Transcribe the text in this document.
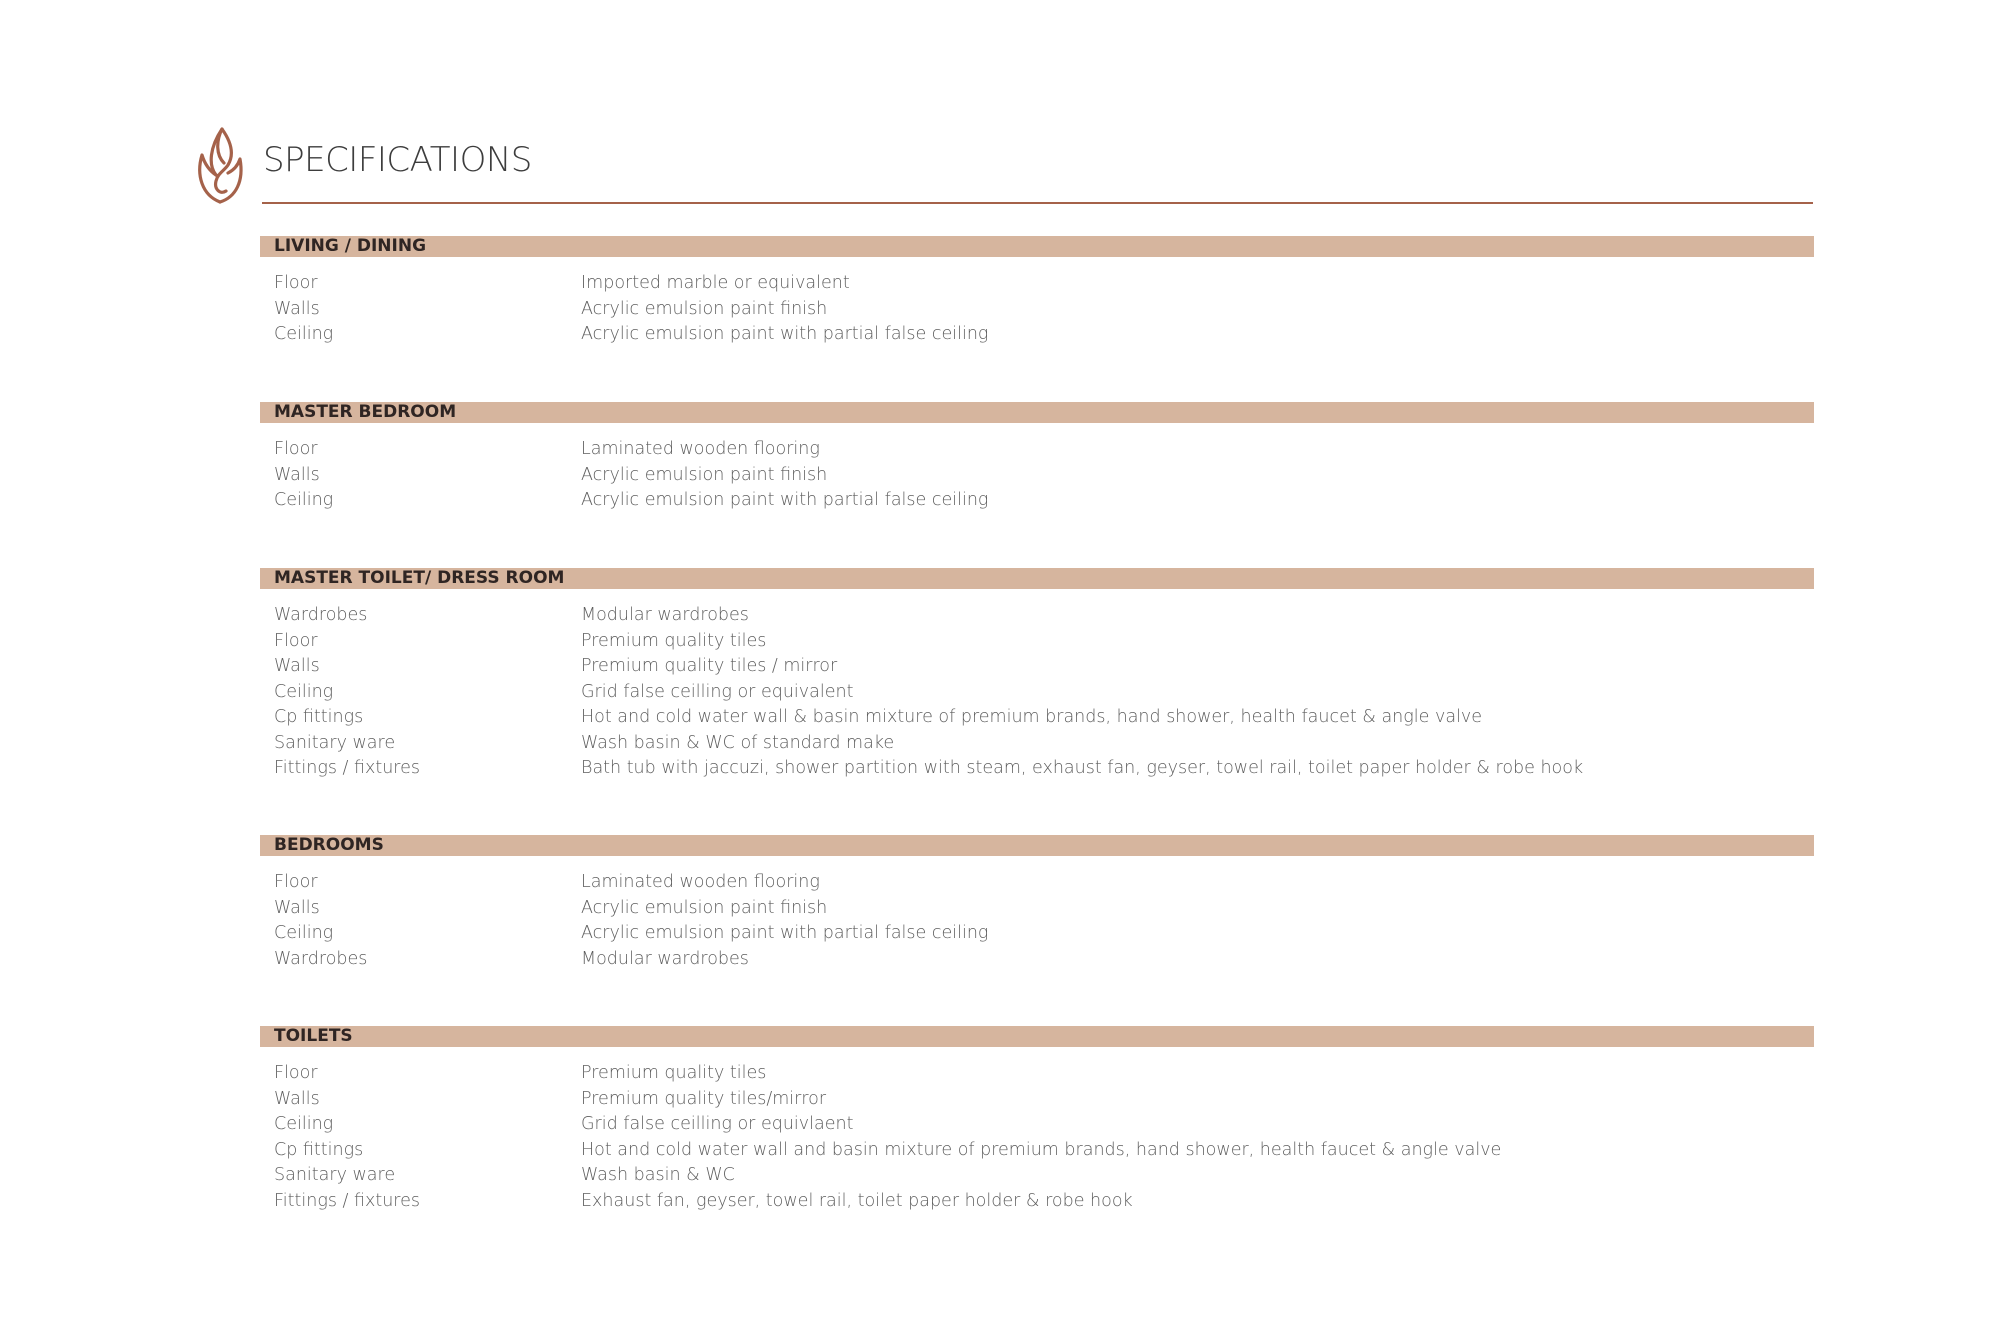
SPECIFICATIONS
LIVING / DINING
Floor	Imported marble or equivalent
Walls	Acrylic emulsion paint finish
Ceiling	Acrylic emulsion paint with partial false ceiling
MASTER BEDROOM
Floor	Laminated wooden flooring
Walls	Acrylic emulsion paint finish
Ceiling	Acrylic emulsion paint with partial false ceiling
MASTER TOILET/ DRESS ROOM
Wardrobes	Modular wardrobes
Floor	Premium quality tiles
Walls	Premium quality tiles / mirror
Ceiling	Grid false ceilling or equivalent
Cp fittings	Hot and cold water wall & basin mixture of premium brands, hand shower, health faucet & angle valve
Sanitary ware	Wash basin & WC of standard make
Fittings / fixtures	Bath tub with jaccuzi, shower partition with steam, exhaust fan, geyser, towel rail, toilet paper holder & robe hook
BEDROOMS
Floor	Laminated wooden flooring
Walls	Acrylic emulsion paint finish
Ceiling	Acrylic emulsion paint with partial false ceiling
Wardrobes	Modular wardrobes
TOILETS
Floor	Premium quality tiles
Walls	Premium quality tiles/mirror
Ceiling	Grid false ceilling or equivlaent
Cp fittings	Hot and cold water wall and basin mixture of premium brands, hand shower, health faucet & angle valve
Sanitary ware	Wash basin & WC
Fittings / fixtures	Exhaust fan, geyser, towel rail, toilet paper holder & robe hook
